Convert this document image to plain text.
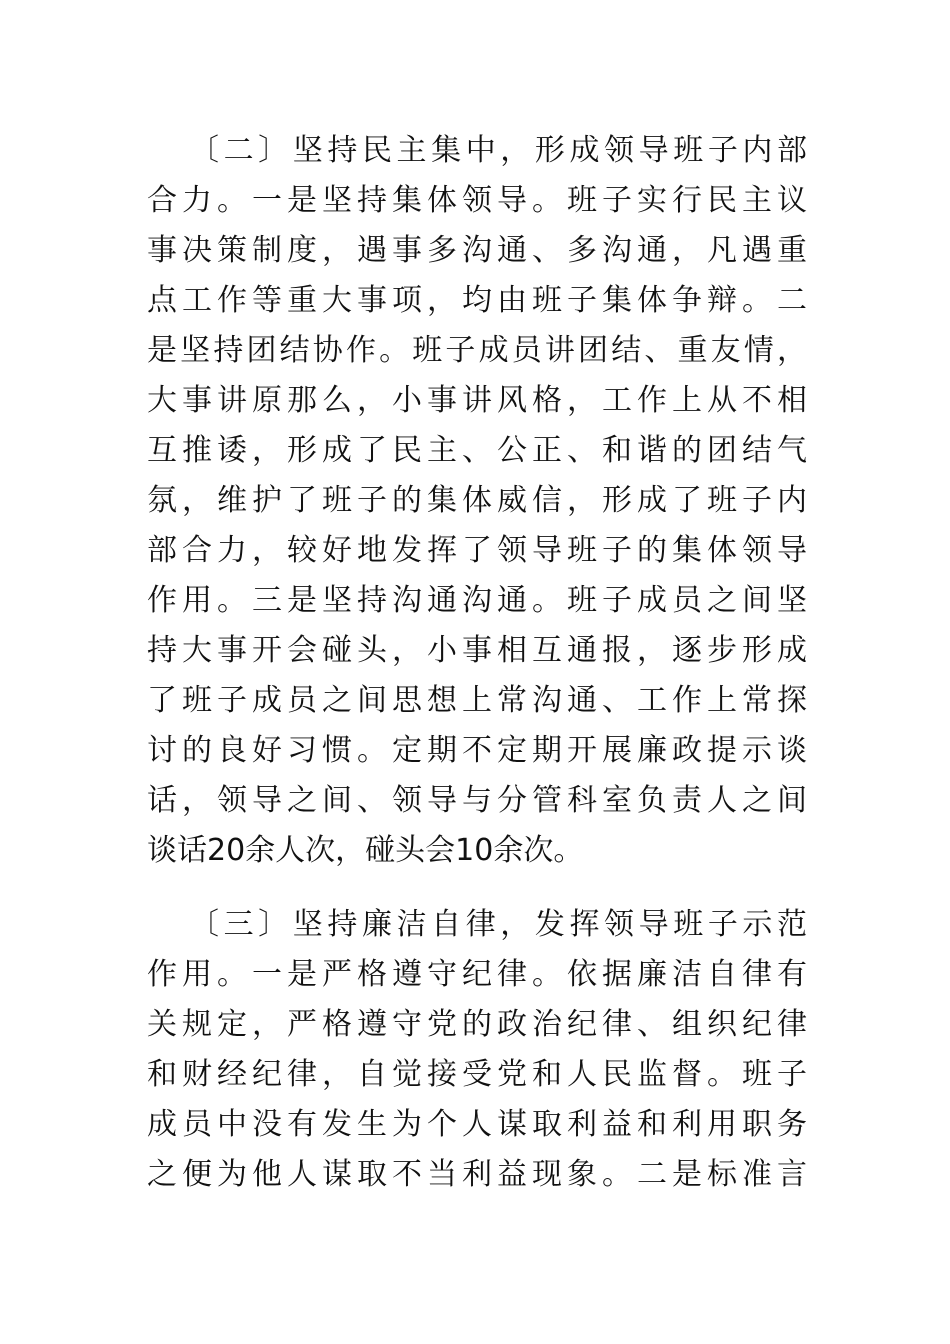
〔二〕坚持民主集中，形成领导班子内部
合力。一是坚持集体领导。班子实行民主议
事决策制度，遇事多沟通、多沟通，凡遇重
点工作等重大事项，均由班子集体争辩。二
是坚持团结协作。班子成员讲团结、重友情，
大事讲原那么，小事讲风格，工作上从不相
互推诿，形成了民主、公正、和谐的团结气
氛，维护了班子的集体威信，形成了班子内
部合力，较好地发挥了领导班子的集体领导
作用。三是坚持沟通沟通。班子成员之间坚
持大事开会碰头，小事相互通报，逐步形成
了班子成员之间思想上常沟通、工作上常探
讨的良好习惯。定期不定期开展廉政提示谈
话，领导之间、领导与分管科室负责人之间
谈话20余人次，碰头会10余次。

〔三〕坚持廉洁自律，发挥领导班子示范
作用。一是严格遵守纪律。依据廉洁自律有
关规定，严格遵守党的政治纪律、组织纪律
和财经纪律，自觉接受党和人民监督。班子
成员中没有发生为个人谋取利益和利用职务
之便为他人谋取不当利益现象。二是标准言
